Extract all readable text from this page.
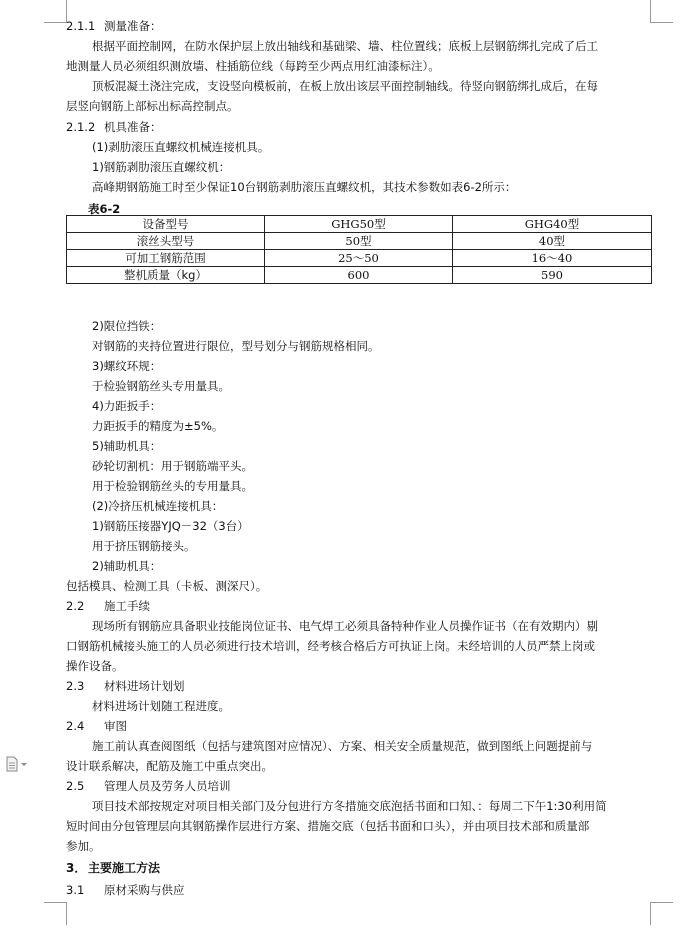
2.1.1 测量准备：
根据平面控制网，在防水保护层上放出轴线和基础梁、墙、柱位置线；底板上层钢筋绑扎完成了后工
地测量人员必须组织测放墙、柱插筋位线（每跨至少两点用红油漆标注）。
顶板混凝土浇注完成，支设竖向模板前，在板上放出该层平面控制轴线。待竖向钢筋绑扎成后，在每
层竖向钢筋上部标出标高控制点。
2.1.2 机具准备：
(1)剥肋滚压直螺纹机械连接机具。
1)钢筋剥肋滚压直螺纹机：
高峰期钢筋施工时至少保证10台钢筋剥肋滚压直螺纹机，其技术参数如表6-2所示：
表6-2
设备型号	GHG50型	GHG40型
滚丝头型号	50型	40型
可加工钢筋范围	25～50	16～40
整机质量（kg）	600	590
2)限位挡铁：
对钢筋的夹持位置进行限位，型号划分与钢筋规格相同。
3)螺纹环规：
于检验钢筋丝头专用量具。
4)力距扳手：
力距扳手的精度为±5%。
5)辅助机具：
砂轮切割机：用于钢筋端平头。
用于检验钢筋丝头的专用量具。
(2)冷挤压机械连接机具：
1)钢筋压接器YJQ－32（3台）
用于挤压钢筋接头。
2)辅助机具：
包括模具、检测工具（卡板、测深尺）。
2.2 施工手续
现场所有钢筋应具备职业技能岗位证书、电气焊工必须具备特种作业人员操作证书（在有效期内）剔
口钢筋机械接头施工的人员必须进行技术培训，经考核合格后方可执证上岗。未经培训的人员严禁上岗或
操作设备。
2.3 材料进场计划划
材料进场计划随工程进度。
2.4 审图
施工前认真查阅图纸（包括与建筑图对应情况）、方案、相关安全质量规范，做到图纸上问题提前与
设计联系解决，配筋及施工中重点突出。
2.5 管理人员及劳务人员培训
项目技术部按规定对项目相关部门及分包进行方冬措施交底泡括书面和口知、：每周二下午1:30利用简
短时间由分包管理层向其钢筋操作层进行方案、措施交底（包括书面和口头），并由项目技术部和质量部
参加。
3． 主要施工方法
3.1 原材采购与供应
